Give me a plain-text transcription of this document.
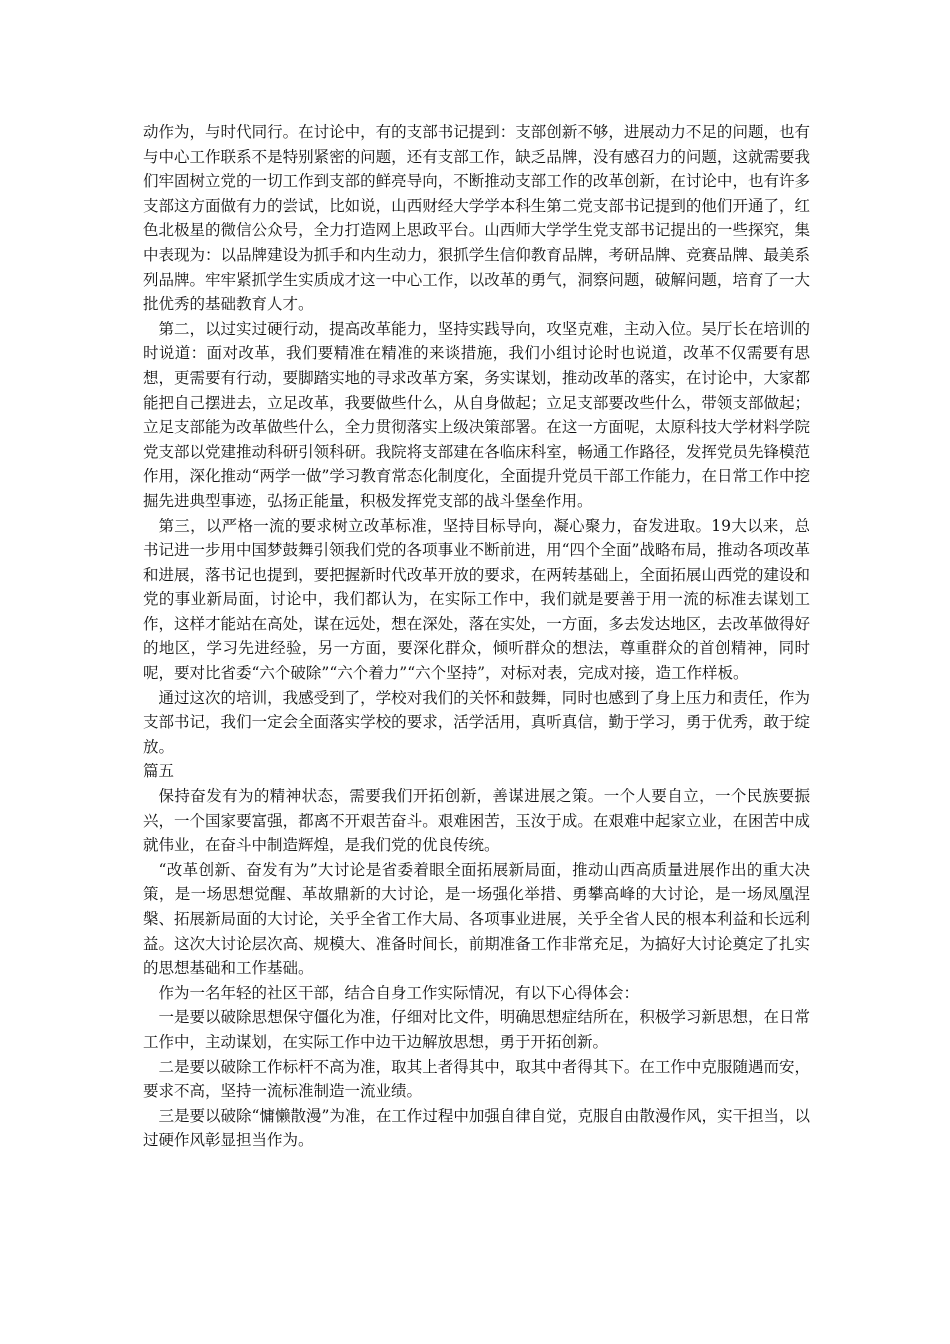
动作为，与时代同行。在讨论中，有的支部书记提到：支部创新不够，进展动力不足的问题，也有与中心工作联系不是特别紧密的问题，还有支部工作，缺乏品牌，没有感召力的问题，这就需要我们牢固树立党的一切工作到支部的鲜亮导向，不断推动支部工作的改革创新，在讨论中，也有许多支部这方面做有力的尝试，比如说，山西财经大学学本科生第二党支部书记提到的他们开通了，红色北极星的微信公众号，全力打造网上思政平台。山西师大学学生党支部书记提出的一些探究，集中表现为：以品牌建设为抓手和内生动力，狠抓学生信仰教育品牌，考研品牌、竞赛品牌、最美系列品牌。牢牢紧抓学生实质成才这一中心工作，以改革的勇气，洞察问题，破解问题，培育了一大批优秀的基础教育人才。

第二，以过实过硬行动，提高改革能力，坚持实践导向，攻坚克难，主动入位。吴厅长在培训的时说道：面对改革，我们要精准在精准的来谈措施，我们小组讨论时也说道，改革不仅需要有思想，更需要有行动，要脚踏实地的寻求改革方案，务实谋划，推动改革的落实，在讨论中，大家都能把自己摆进去，立足改革，我要做些什么，从自身做起；立足支部要改些什么，带领支部做起；立足支部能为改革做些什么，全力贯彻落实上级决策部署。在这一方面呢，太原科技大学材料学院党支部以党建推动科研引领科研。我院将支部建在各临床科室，畅通工作路径，发挥党员先锋模范作用，深化推动“两学一做”学习教育常态化制度化，全面提升党员干部工作能力，在日常工作中挖掘先进典型事迹，弘扬正能量，积极发挥党支部的战斗堡垒作用。

第三，以严格一流的要求树立改革标准，坚持目标导向，凝心聚力，奋发进取。19大以来，总书记进一步用中国梦鼓舞引领我们党的各项事业不断前进，用“四个全面”战略布局，推动各项改革和进展，落书记也提到，要把握新时代改革开放的要求，在两转基础上，全面拓展山西党的建设和党的事业新局面，讨论中，我们都认为，在实际工作中，我们就是要善于用一流的标准去谋划工作，这样才能站在高处，谋在远处，想在深处，落在实处，一方面，多去发达地区，去改革做得好的地区，学习先进经验，另一方面，要深化群众，倾听群众的想法，尊重群众的首创精神，同时呢，要对比省委“六个破除”“六个着力”“六个坚持”，对标对表，完成对接，造工作样板。

通过这次的培训，我感受到了，学校对我们的关怀和鼓舞，同时也感到了身上压力和责任，作为支部书记，我们一定会全面落实学校的要求，活学活用，真听真信，勤于学习，勇于优秀，敢于绽放。

篇五

保持奋发有为的精神状态，需要我们开拓创新，善谋进展之策。一个人要自立，一个民族要振兴，一个国家要富强，都离不开艰苦奋斗。艰难困苦，玉汝于成。在艰难中起家立业，在困苦中成就伟业，在奋斗中制造辉煌，是我们党的优良传统。

“改革创新、奋发有为”大讨论是省委着眼全面拓展新局面，推动山西高质量进展作出的重大决策，是一场思想觉醒、革故鼎新的大讨论，是一场强化举措、勇攀高峰的大讨论，是一场凤凰涅槃、拓展新局面的大讨论，关乎全省工作大局、各项事业进展，关乎全省人民的根本利益和长远利益。这次大讨论层次高、规模大、准备时间长，前期准备工作非常充足，为搞好大讨论奠定了扎实的思想基础和工作基础。

作为一名年轻的社区干部，结合自身工作实际情况，有以下心得体会：

一是要以破除思想保守僵化为准，仔细对比文件，明确思想症结所在，积极学习新思想，在日常工作中，主动谋划，在实际工作中边干边解放思想，勇于开拓创新。

二是要以破除工作标杆不高为准，取其上者得其中，取其中者得其下。在工作中克服随遇而安，要求不高，坚持一流标准制造一流业绩。

三是要以破除“慵懒散漫”为准，在工作过程中加强自律自觉，克服自由散漫作风，实干担当，以过硬作风彰显担当作为。
